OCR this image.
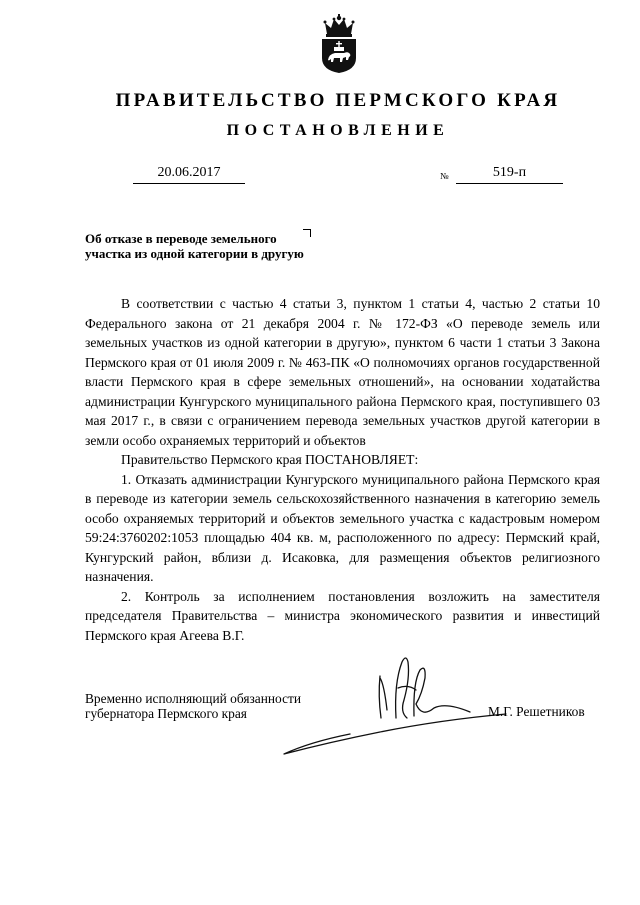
ПРАВИТЕЛЬСТВО ПЕРМСКОГО КРАЯ
ПОСТАНОВЛЕНИЕ
20.06.2017	№	519-п
Об отказе в переводе земельного
участка из одной категории в другую

В соответствии с частью 4 статьи 3, пунктом 1 статьи 4, частью 2 статьи 10 Федерального закона от 21 декабря 2004 г. № 172-ФЗ «О переводе земель или земельных участков из одной категории в другую», пунктом 6 части 1 статьи 3 Закона Пермского края от 01 июля 2009 г. № 463-ПК «О полномочиях органов государственной власти Пермского края в сфере земельных отношений», на основании ходатайства администрации Кунгурского муниципального района Пермского края, поступившего 03 мая 2017 г., в связи с ограничением перевода земельных участков другой категории в земли особо охраняемых территорий и объектов

Правительство Пермского края ПОСТАНОВЛЯЕТ:

1. Отказать администрации Кунгурского муниципального района Пермского края в переводе из категории земель сельскохозяйственного назначения в категорию земель особо охраняемых территорий и объектов земельного участка с кадастровым номером 59:24:3760202:1053 площадью 404 кв. м, расположенного по адресу: Пермский край, Кунгурский район, вблизи д. Исаковка, для размещения объектов религиозного назначения.

2. Контроль за исполнением постановления возложить на заместителя председателя Правительства – министра экономического развития и инвестиций Пермского края Агеева В.Г.

Временно исполняющий обязанности
губернатора Пермского края	М.Г. Решетников
